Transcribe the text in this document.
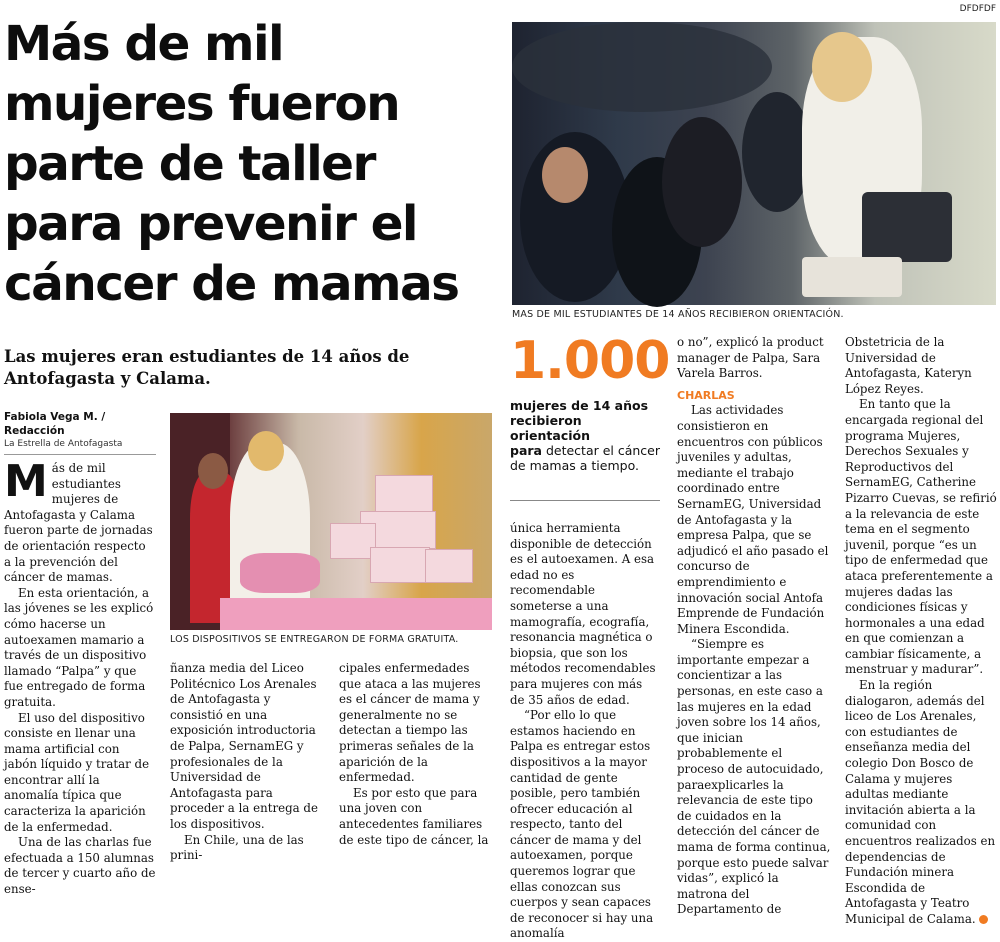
DFDFDF
Más de mil
mujeres fueron
parte de taller
para prevenir el
cáncer de mamas
MAS DE MIL ESTUDIANTES DE 14 AÑOS RECIBIERON ORIENTACIÓN.
Las mujeres eran estudiantes de 14 años de Antofagasta y Calama.
Fabiola Vega M. / Redacción
La Estrella de Antofagasta
LOS DISPOSITIVOS SE ENTREGARON DE FORMA GRATUITA.

Más de mil estudiantes mujeres de Antofagasta y Calama fueron parte de jornadas de orientación respecto a la prevención del cáncer de mamas.

En esta orientación, a las jóvenes se les explicó cómo hacerse un autoexamen mamario a través de un dispositivo llamado “Palpa” y que fue entregado de forma gratuita.

El uso del dispositivo consiste en llenar una mama artificial con jabón líquido y tratar de encontrar allí la anomalía típica que caracteriza la aparición de la enfermedad.

Una de las charlas fue efectuada a 150 alumnas de tercer y cuarto año de ense-

ñanza media del Liceo Politécnico Los Arenales de Antofagasta y consistió en una exposición introductoria de Palpa, SernamEG y profesionales de la Universidad de Antofagasta para proceder a la entrega de los dispositivos.

En Chile, una de las prini-

cipales enfermedades que ataca a las mujeres es el cáncer de mama y generalmente no se detectan a tiempo las primeras señales de la aparición de la enfermedad.

Es por esto que para una joven con antecedentes familiares de este tipo de cáncer, la

1.000
mujeres de 14 años recibieron orientación
para detectar el cáncer de mamas a tiempo.

única herramienta disponible de detección es el autoexamen. A esa edad no es recomendable someterse a una mamografía, ecografía, resonancia magnética o biopsia, que son los métodos recomendables para mujeres con más de 35 años de edad.

“Por ello lo que estamos haciendo en Palpa es entregar estos dispositivos a la mayor cantidad de gente posible, pero también ofrecer educación al respecto, tanto del cáncer de mama y del autoexamen, porque queremos lograr que ellas conozcan sus cuerpos y sean capaces de reconocer si hay una anomalía

o no”, explicó la product manager de Palpa, Sara Varela Barros.

CHARLAS

Las actividades consistieron en encuentros con públicos juveniles y adultas, mediante el trabajo coordinado entre SernamEG, Universidad de Antofagasta y la empresa Palpa, que se adjudicó el año pasado el concurso de emprendimiento e innovación social Antofa Emprende de Fundación Minera Escondida.

“Siempre es importante empezar a concientizar a las personas, en este caso a las mujeres en la edad joven sobre los 14 años, que inician probablemente el proceso de autocuidado, paraexplicarles la relevancia de este tipo de cuidados en la detección del cáncer de mama de forma continua, porque esto puede salvar vidas”, explicó la matrona del Departamento de

Obstetricia de la Universidad de Antofagasta, Kateryn López Reyes.

En tanto que la encargada regional del programa Mujeres, Derechos Sexuales y Reproductivos del SernamEG, Catherine Pizarro Cuevas, se refirió a la relevancia de este tema en el segmento juvenil, porque “es un tipo de enfermedad que ataca preferentemente a mujeres dadas las condiciones físicas y hormonales a una edad en que comienzan a cambiar físicamente, a menstruar y madurar”.

En la región dialogaron, además del liceo de Los Arenales, con estudiantes de enseñanza media del colegio Don Bosco de Calama y mujeres adultas mediante invitación abierta a la comunidad con encuentros realizados en dependencias de Fundación minera Escondida de Antofagasta y Teatro Municipal de Calama.
